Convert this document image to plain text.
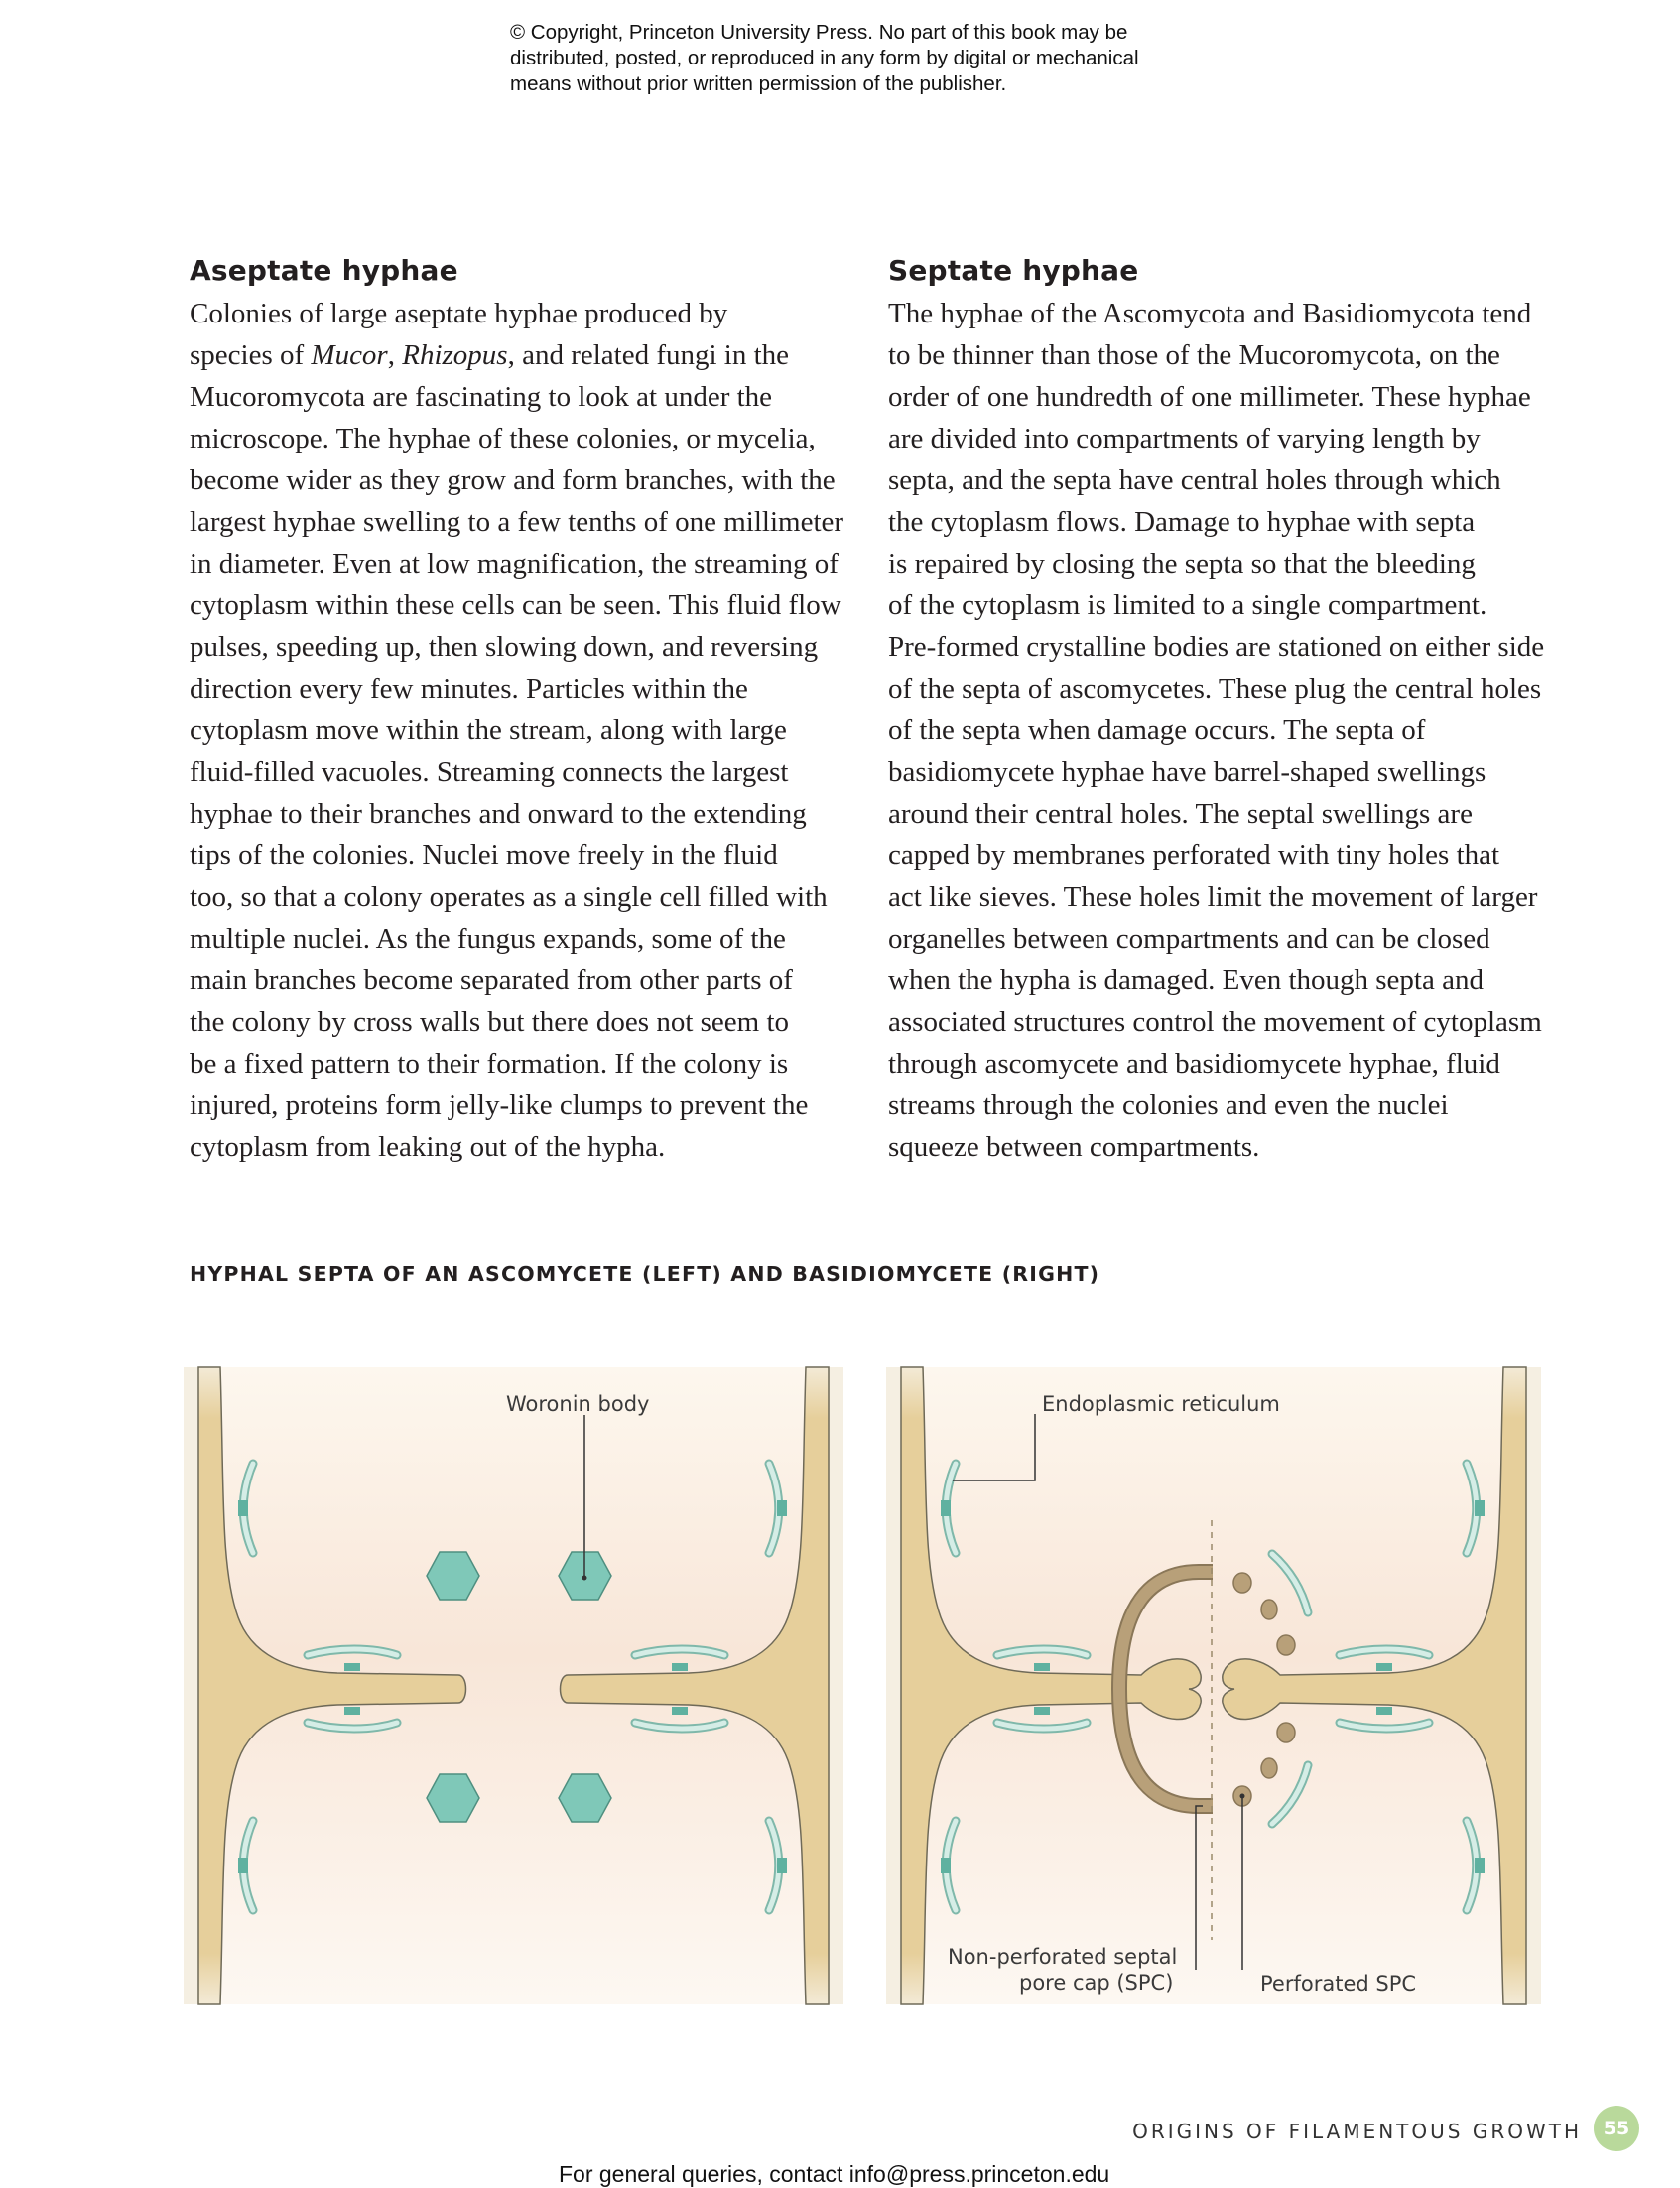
© Copyright, Princeton University Press. No part of this book may be
distributed, posted, or reproduced in any form by digital or mechanical
means without prior written permission of the publisher.
Aseptate hyphae
Colonies of large aseptate hyphae produced by
species of Mucor, Rhizopus, and related fungi in the
Mucoromycota are fascinating to look at under the
microscope. The hyphae of these colonies, or mycelia,
become wider as they grow and form branches, with the
largest hyphae swelling to a few tenths of one millimeter
in diameter. Even at low magnification, the streaming of
cytoplasm within these cells can be seen. This fluid flow
pulses, speeding up, then slowing down, and reversing
direction every few minutes. Particles within the
cytoplasm move within the stream, along with large
fluid-filled vacuoles. Streaming connects the largest
hyphae to their branches and onward to the extending
tips of the colonies. Nuclei move freely in the fluid
too, so that a colony operates as a single cell filled with
multiple nuclei. As the fungus expands, some of the
main branches become separated from other parts of
the colony by cross walls but there does not seem to
be a fixed pattern to their formation. If the colony is
injured, proteins form jelly-like clumps to prevent the
cytoplasm from leaking out of the hypha.
Septate hyphae
The hyphae of the Ascomycota and Basidiomycota tend
to be thinner than those of the Mucoromycota, on the
order of one hundredth of one millimeter. These hyphae
are divided into compartments of varying length by
septa, and the septa have central holes through which
the cytoplasm flows. Damage to hyphae with septa
is repaired by closing the septa so that the bleeding
of the cytoplasm is limited to a single compartment.
Pre-formed crystalline bodies are stationed on either side
of the septa of ascomycetes. These plug the central holes
of the septa when damage occurs. The septa of
basidiomycete hyphae have barrel-shaped swellings
around their central holes. The septal swellings are
capped by membranes perforated with tiny holes that
act like sieves. These holes limit the movement of larger
organelles between compartments and can be closed
when the hypha is damaged. Even though septa and
associated structures control the movement of cytoplasm
through ascomycete and basidiomycete hyphae, fluid
streams through the colonies and even the nuclei
squeeze between compartments.
HYPHAL SEPTA OF AN ASCOMYCETE (LEFT) AND BASIDIOMYCETE (RIGHT)
Woronin body	Endoplasmic reticulum
Non-perforated septal
pore cap (SPC)	Perforated SPC
ORIGINS OF FILAMENTOUS GROWTH	55
For general queries, contact info@press.princeton.edu
